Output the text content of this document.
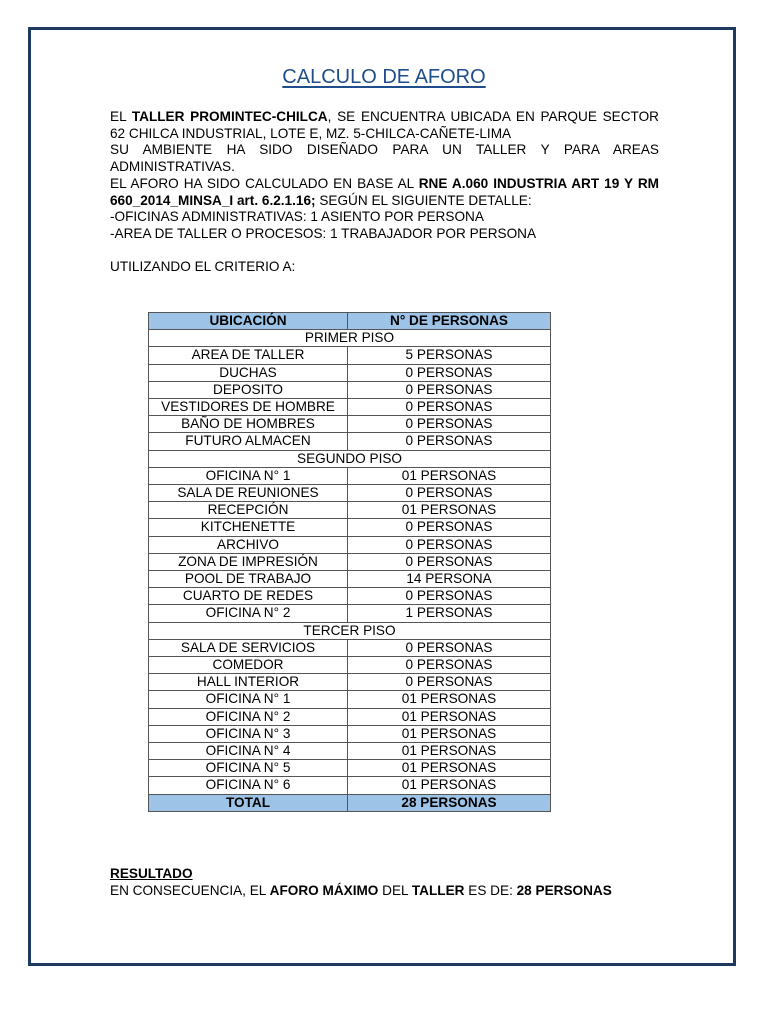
CALCULO DE AFORO

EL TALLER PROMINTEC-CHILCA, SE ENCUENTRA UBICADA EN PARQUE SECTOR 62 CHILCA INDUSTRIAL, LOTE E, MZ. 5-CHILCA-CAÑETE-LIMA

SU AMBIENTE HA SIDO DISEÑADO PARA UN TALLER Y PARA AREAS ADMINISTRATIVAS.

EL AFORO HA SIDO CALCULADO EN BASE AL RNE A.060 INDUSTRIA ART 19 Y RM 660_2014_MINSA_I art. 6.2.1.16; SEGÚN EL SIGUIENTE DETALLE:

-OFICINAS ADMINISTRATIVAS: 1 ASIENTO POR PERSONA

-AREA DE TALLER O PROCESOS: 1 TRABAJADOR POR PERSONA

UTILIZANDO EL CRITERIO A:

UBICACIÓN	N° DE PERSONAS
PRIMER PISO	
AREA DE TALLER	5 PERSONAS
DUCHAS	0 PERSONAS
DEPOSITO	0 PERSONAS
VESTIDORES DE HOMBRE	0 PERSONAS
BAÑO DE HOMBRES	0 PERSONAS
FUTURO ALMACEN	0 PERSONAS
SEGUNDO PISO	
OFICINA N° 1	01 PERSONAS
SALA DE REUNIONES	0 PERSONAS
RECEPCIÓN	01 PERSONAS
KITCHENETTE	0 PERSONAS
ARCHIVO	0 PERSONAS
ZONA DE IMPRESIÓN	0 PERSONAS
POOL DE TRABAJO	14 PERSONA
CUARTO DE REDES	0 PERSONAS
OFICINA N° 2	1 PERSONAS
TERCER PISO	
SALA DE SERVICIOS	0 PERSONAS
COMEDOR	0 PERSONAS
HALL INTERIOR	0 PERSONAS
OFICINA N° 1	01 PERSONAS
OFICINA N° 2	01 PERSONAS
OFICINA N° 3	01 PERSONAS
OFICINA N° 4	01 PERSONAS
OFICINA N° 5	01 PERSONAS
OFICINA N° 6	01 PERSONAS
TOTAL	28 PERSONAS

RESULTADO

EN CONSECUENCIA, EL AFORO MÁXIMO DEL TALLER ES DE: 28 PERSONAS
